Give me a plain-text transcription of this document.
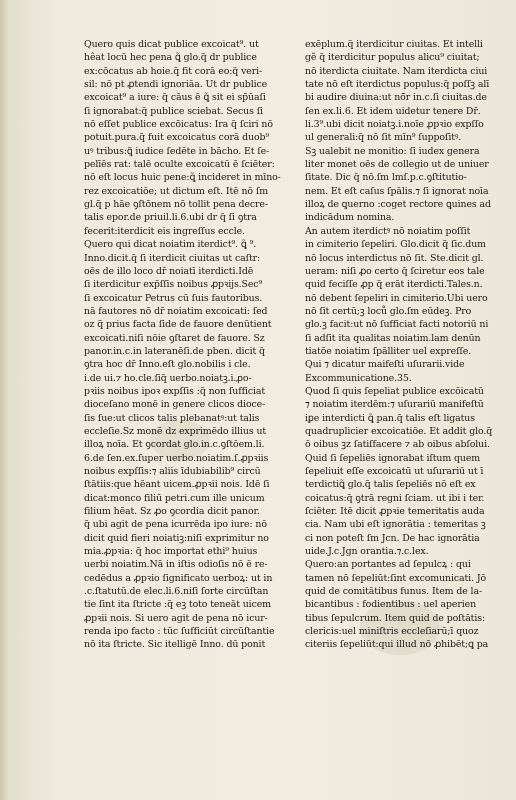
Quero quis dicat publice excoicat⁹. ut
hêat locū hec pena ꝗ̃ glo.q̃ dr publice
ex:cōcatus ab hoie.q̃ fit corā eo:q̃ veri-
sil: nō pt ꝓtendi ignoriāa. Ut dr publice
excoicat⁹ a iure: q̃ cāus ē ꝗ̃ sit ei sp̃ūaſi
ſi ignorabat:q̃ publice sciebat. Secus ſi
nō eſſet publice excōicatus: Ira q̃ ſciri nō
potuit.pura.q̃ fuit excoicatus corā duob⁹
uꝰ tribus:ꝗ̃ iudice ſedēte in bācho. Et ſe-
pelīēs rat: talē oculte excoicatū ē ſciēter:
nō eſt locus huic pene:ꝗ̃ incideret in mīno-
rez excoicatiōe; ut dictum eſt. Itē nō ſm
gl.q̃ p hāe ꝯſtōnem nō tollit pena decre-
talis epor.de priuil.li.6.ubi dr q̃ ſi ꝯtra
fecerit:iterdicit eis ingreſſus eccle.
Quero qui dicat noiatim iterdict⁹. ꝗ̃ ⁹.
Inno.dicit.q̃ ſi iterdicit ciuitas ut caſtr:
oēs de illo loco dr̄ noiatī iterdicti.Idē
ſi iterdicitur exp̃ſſis noibus ꝓpꝛijs.Sec⁹
ſi excoicatur Petrus cū ſuis fautoribus.
nā fautores nō dr̄ noiatim excoicati: ſed
oz q̃ prius facta ſide de fauore denūtient
excoicati.niſi nōie ꝯſtaret de fauore. Sz
panor.in.c.in lateranēſi.de pben. dicit q̃
ꝯtra hoc dr̄ Inno.eſt glo.nobilis i cle.
i.de ui.⁊ ho.cle.ſiq̃ uerbo.noiatꝫ.i.ꝓo-
pꝛiis noibus ipoꝛ expſſis :q̃ non ſufficiat
dioceſano monē in genere clicos dioce-
ſis ſue:ut clicos talis plebanatꝰ:ut talis
eccleſie.Sz monē dz exprimēdo illius ut
illoꝝ noīa. Et ꝯcordat glo.in.c.ꝯſtōem.li.
6.de ſen.ex.ſuper uerbo.noiatim.ſ.ꝓpꝛiis
noibus expſſis:⁊ aliis īdubiabilib⁹ circū
ſtātiis:que hēant uicem.ꝓpꝛii nois. Idē ſi
dicat:monco filiū petri.cum ille unicum
filium hēat. Sz ꝓo ꝯcordia dicit panor.
q̃ ubi agit de pena icurrēda ipo iure: nō
dicit quid fieri noiatiꝫ:niſi exprimitur no
mia.ꝓpꝛia: q̃ hoc importat ethi⁹ huius
uerbi noiatim.Nā in iſtis odioſis nō ē re-
cedēdus a ꝓpꝛio ſignificato uerboꝝ: ut in
.c.ſtatutū.de elec.li.6.niſi ſorte circūſtan
tie ſint ita ſtricte :q̃ eꝫ toto teneāt uicem
ꝓpꝛii nois. Si uero agit de pena nō icur-
renda ipo facto : tūc ſufficiūt circūſtantie
nō ita ſtricte. Sic itelligē Inno. dū ponit
exēplum.q̃ iterdicitur ciuitas. Et intelli
gẽ q̃ iterdicitur populus alicu⁹ ciuitat;
nō iterdicta ciuitate. Nam iterdicta ciui
tate nō eſt iterdictus populus:q̃ poſſꝫ alī
bi audire diuina:ut nō̃r in.c.ſi ciuitas.de
ſen ex.li.6. Et idem uidetur tenere Dr̄.
li.3⁹.ubi dicit noiatꝫ.i.noīe ꝓpꝛio expſſo
ul generali:q̃ nō ſit mīn⁹ ſuppoſitꝰ.
Sꝫ ualebit ne monitio: ſi iudex genera
liter monet oēs de collegio ut de uniuer
ſitate. Dic q̃ nō.ſm lmſ.p.c.ꝯſtitutio-
nem. Et eſt caſus ſpālis.⁊ ſi ignorat noīa
illoꝝ de ꝗuerno :coget rectore ꝗuines ad
indicādum nomina.
An autem iterdictꝰ nō noiatim poſſit
in cimiterio ſepeliri. Glo.dicit q̃ ſic.dum
nō locus interdictus nō ſit. Ste.dicit gl.
ueram: niſi ꝓo certo q̃ ſciretur eos tale
quid feciſſe ꝓp q̃ erāt iterdicti.Tales.n.
nō debent ſepeliri in cimiterio.Ubi uero
nō ſit certū;ꝫ loců glo.ſm eūdeꝫ. Pro
glo.ꝫ facit:ut nō ſufficiat facti notoriū ni
ſi adſit ita qualitas noiatim.lam denūn
tiatōe noiatim ſpālliter uel expreſſe.
Qui ⁊ dicatur maifeſti uſurarii.vide
Excommunicatione.35.
Quod ſi quis ſepeliat publice excōicatū
⁊ noiatim iterdēm:⁊ uſurariū manifeſtū
iꝑe interdicti ꝗ̃ pan.q̃ talis eſt ligatus
quadruplicier excoicatiōe. Et addit glo.q̃
ō oibus ꝫz ſatiſfacere ⁊ ab oibus abſolui.
Quid ſi ſepeliēs ignorabat iſtum quem
ſepeliuit eſſe excoicatū ut uſurariū ut ī
terdictiꝗ̃ glo.q̃ talis ſepeliēs nō eſt ex
coicatus:q̃ ꝯtrā regni ſciam. ut ibi i ter.
ſciēter. Itē dicit ꝓpꝛie temeritatis auda
cia. Nam ubi eſt ignorātia : temeritas ꝫ
ci non poteſt ſm Jcn. De hac ignorātia
uide.J.c.Jgn orantia.⁊.c.lex.
Quero:an portantes ad ſepulcꝝ : qui
tamen nō ſepeliūt:ſint excomunicati. Jō
quid de comitātibus funus. Item de la-
bicantibus : fodientibus : uel aperien
tibus ſepulcrum. Item quid de poſtātis:
clericis:uel miniſtris eccleſiarū;ī quoz
citeriis ſepeliūt:qui illud nō ꝓhibēt;ꝗ pa
